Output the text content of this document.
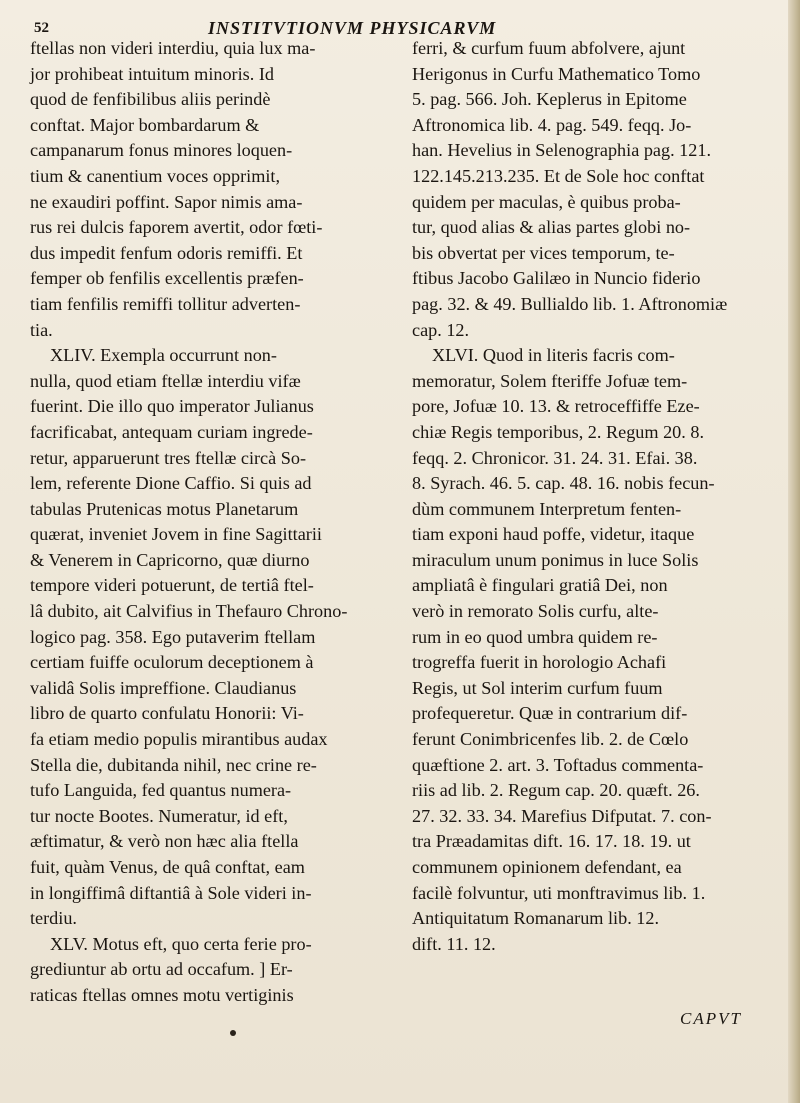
52	INSTITVTIONVM PHYSICARVM

ftellas non videri interdiu, quia lux ma-

jor prohibeat intuitum minoris. Id

quod de fenfibilibus aliis perindè

conftat. Major bombardarum &

campanarum fonus minores loquen-

tium & canentium voces opprimit,

ne exaudiri poffint. Sapor nimis ama-

rus rei dulcis faporem avertit, odor fœti-

dus impedit fenfum odoris remiffi. Et

femper ob fenfilis excellentis præfen-

tiam fenfilis remiffi tollitur adverten-

tia.

XLIV. Exempla occurrunt non-

nulla, quod etiam ftellæ interdiu vifæ

fuerint. Die illo quo imperator Julianus

facrificabat, antequam curiam ingrede-

retur, apparuerunt tres ftellæ circà So-

lem, referente Dione Caffio. Si quis ad

tabulas Prutenicas motus Planetarum

quærat, inveniet Jovem in fine Sagittarii

& Venerem in Capricorno, quæ diurno

tempore videri potuerunt, de tertiâ ftel-

lâ dubito, ait Calvifius in Thefauro Chrono-

logico pag. 358. Ego putaverim ftellam

certiam fuiffe oculorum deceptionem à

validâ Solis impreffione. Claudianus

libro de quarto confulatu Honorii: Vi-

fa etiam medio populis mirantibus audax

Stella die, dubitanda nihil, nec crine re-

tufo Languida, fed quantus numera-

tur nocte Bootes. Numeratur, id eft,

æftimatur, & verò non hæc alia ftella

fuit, quàm Venus, de quâ conftat, eam

in longiffimâ diftantiâ à Sole videri in-

terdiu.

XLV. Motus eft, quo certa ferie pro-

grediuntur ab ortu ad occafum. ] Er-

raticas ftellas omnes motu vertiginis

ferri, & curfum fuum abfolvere, ajunt

Herigonus in Curfu Mathematico Tomo

5. pag. 566. Joh. Keplerus in Epitome

Aftronomica lib. 4. pag. 549. feqq. Jo-

han. Hevelius in Selenographia pag. 121.

122.145.213.235. Et de Sole hoc conftat

quidem per maculas, è quibus proba-

tur, quod alias & alias partes globi no-

bis obvertat per vices temporum, te-

ftibus Jacobo Galilæo in Nuncio fiderio

pag. 32. & 49. Bullialdo lib. 1. Aftronomiæ

cap. 12.

XLVI. Quod in literis facris com-

memoratur, Solem fteriffe Jofuæ tem-

pore, Jofuæ 10. 13. & retroceffiffe Eze-

chiæ Regis temporibus, 2. Regum 20. 8.

feqq. 2. Chronicor. 31. 24. 31. Efai. 38.

8. Syrach. 46. 5. cap. 48. 16. nobis fecun-

dùm communem Interpretum fenten-

tiam exponi haud poffe, videtur, itaque

miraculum unum ponimus in luce Solis

ampliatâ è fingulari gratiâ Dei, non

verò in remorato Solis curfu, alte-

rum in eo quod umbra quidem re-

trogreffa fuerit in horologio Achafi

Regis, ut Sol interim curfum fuum

profequeretur. Quæ in contrarium dif-

ferunt Conimbricenfes lib. 2. de Cœlo

quæftione 2. art. 3. Toftadus commenta-

riis ad lib. 2. Regum cap. 20. quæft. 26.

27. 32. 33. 34. Marefius Difputat. 7. con-

tra Præadamitas dift. 16. 17. 18. 19. ut

communem opinionem defendant, ea

facilè folvuntur, uti monftravimus lib. 1.

Antiquitatum Romanarum lib. 12.

dift. 11. 12.

CAPVT
